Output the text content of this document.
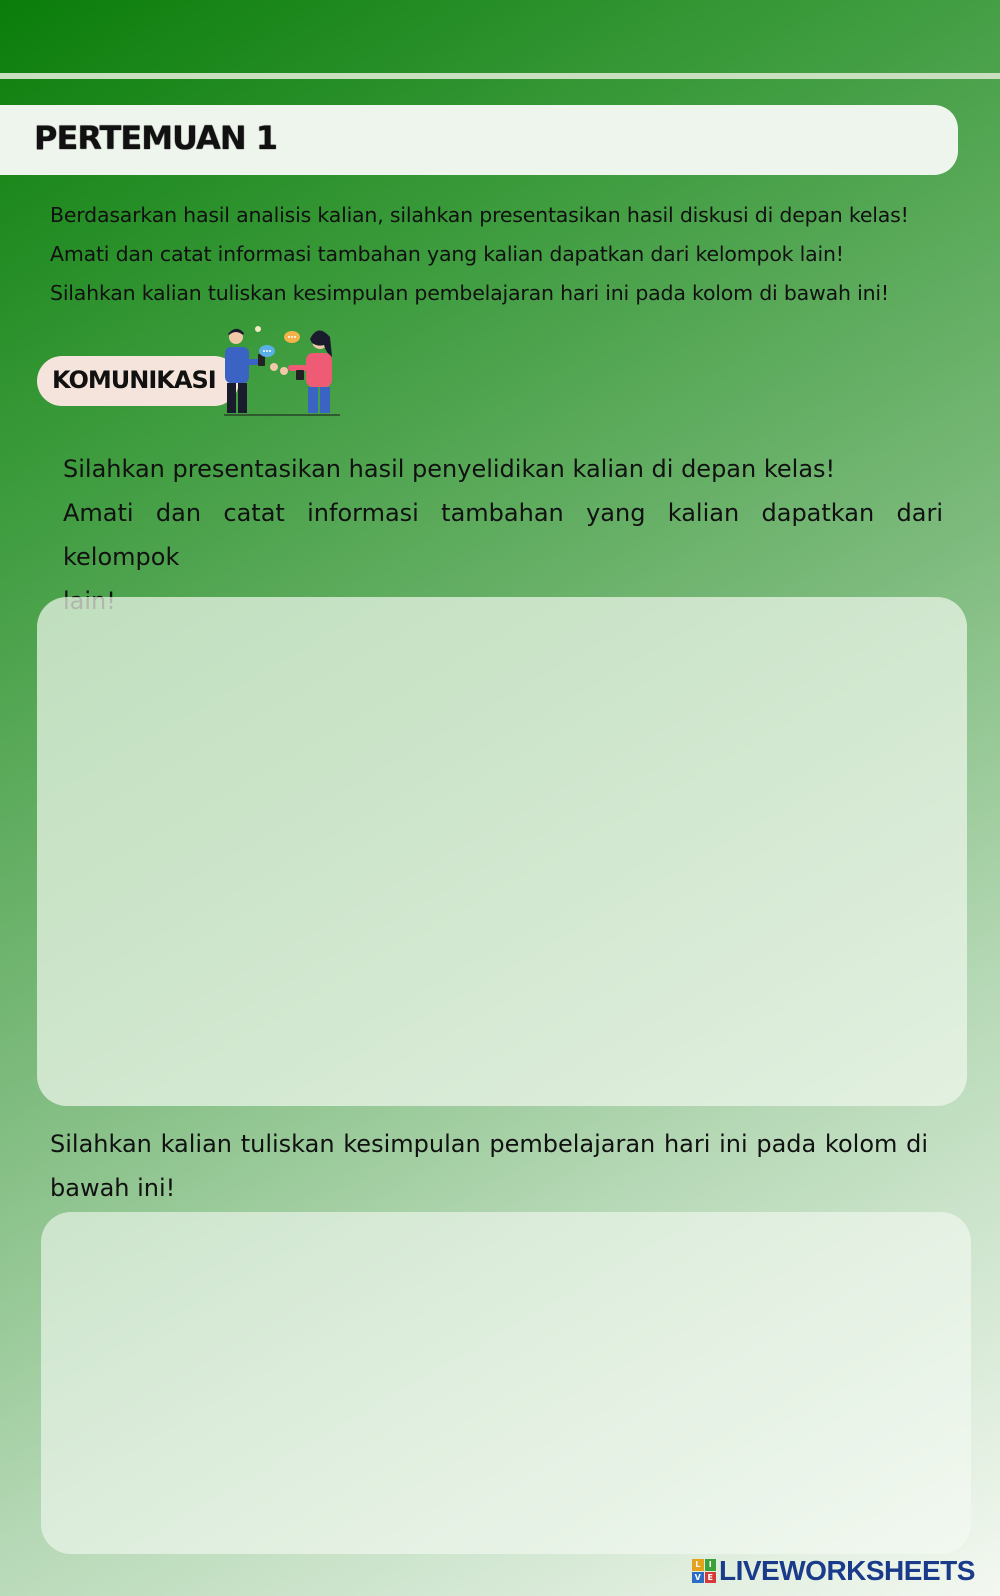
PERTEMUAN 1
Berdasarkan hasil analisis kalian, silahkan presentasikan hasil diskusi di depan kelas!
Amati dan catat informasi tambahan yang kalian dapatkan dari kelompok lain!
Silahkan kalian tuliskan kesimpulan pembelajaran hari ini pada kolom di bawah ini!
KOMUNIKASI
Silahkan presentasikan hasil penyelidikan kalian di depan kelas!
Amati dan catat informasi tambahan yang kalian dapatkan dari kelompok
Silahkan kalian tuliskan kesimpulan pembelajaran hari ini pada kolom di
bawah ini!
L	I
V E LIVEWORKSHEETS
